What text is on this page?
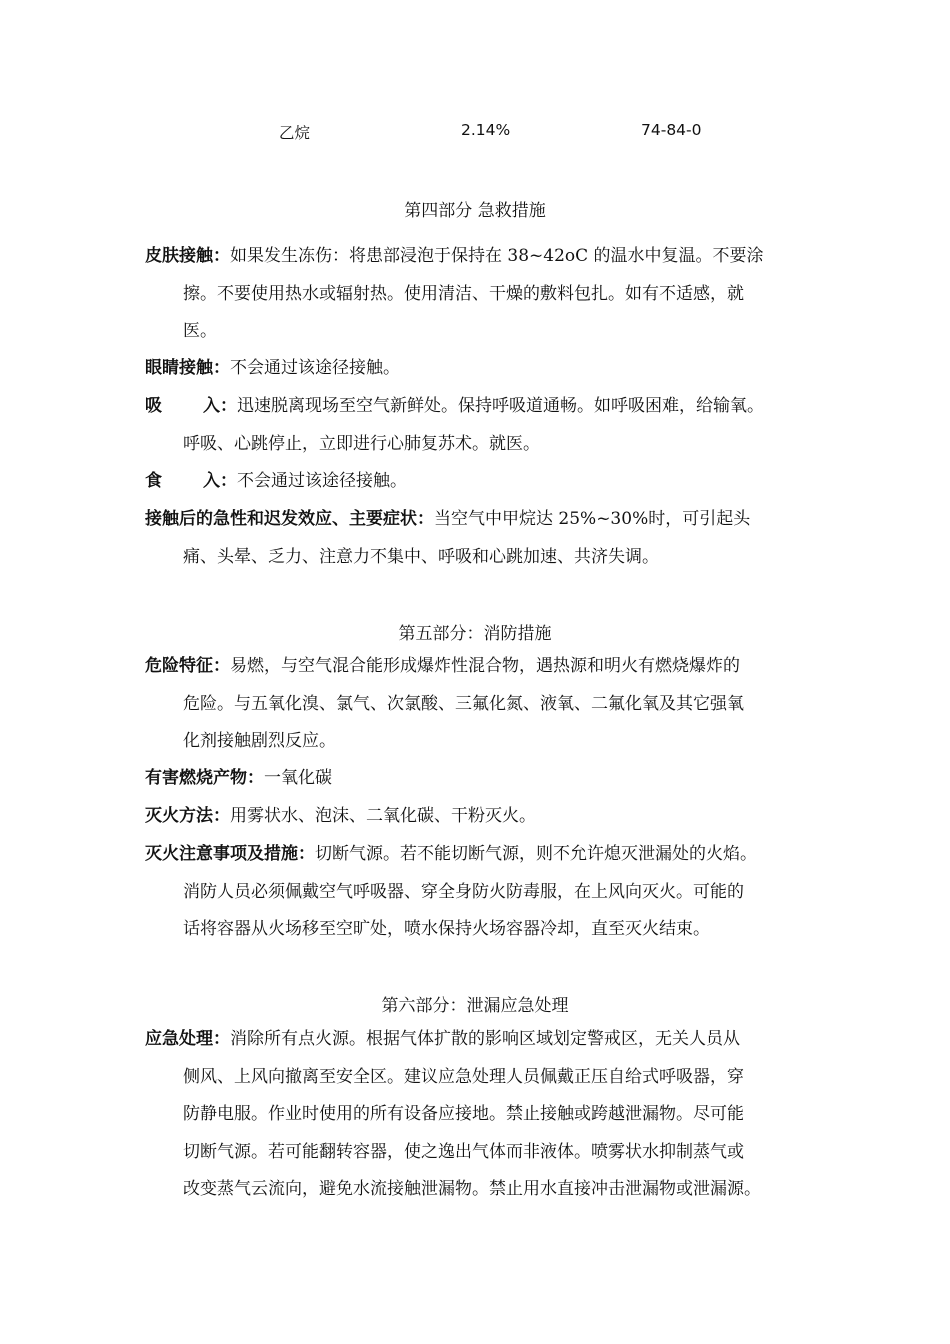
乙烷	2.14%	74-84-0
第四部分 急救措施
皮肤接触：如果发生冻伤：将患部浸泡于保持在 38~42oC 的温水中复温。不要涂
擦。不要使用热水或辐射热。使用清洁、干燥的敷料包扎。如有不适感，就
医。
眼睛接触：不会通过该途径接触。
吸 入：迅速脱离现场至空气新鲜处。保持呼吸道通畅。如呼吸困难，给输氧。
呼吸、心跳停止，立即进行心肺复苏术。就医。
食 入：不会通过该途径接触。
接触后的急性和迟发效应、主要症状：当空气中甲烷达 25%~30%时，可引起头
痛、头晕、乏力、注意力不集中、呼吸和心跳加速、共济失调。
第五部分：消防措施
危险特征：易燃，与空气混合能形成爆炸性混合物，遇热源和明火有燃烧爆炸的
危险。与五氧化溴、氯气、次氯酸、三氟化氮、液氧、二氟化氧及其它强氧
化剂接触剧烈反应。
有害燃烧产物：一氧化碳
灭火方法：用雾状水、泡沫、二氧化碳、干粉灭火。
灭火注意事项及措施：切断气源。若不能切断气源，则不允许熄灭泄漏处的火焰。
消防人员必须佩戴空气呼吸器、穿全身防火防毒服，在上风向灭火。可能的
话将容器从火场移至空旷处，喷水保持火场容器冷却，直至灭火结束。
第六部分：泄漏应急处理
应急处理：消除所有点火源。根据气体扩散的影响区域划定警戒区，无关人员从
侧风、上风向撤离至安全区。建议应急处理人员佩戴正压自给式呼吸器，穿
防静电服。作业时使用的所有设备应接地。禁止接触或跨越泄漏物。尽可能
切断气源。若可能翻转容器，使之逸出气体而非液体。喷雾状水抑制蒸气或
改变蒸气云流向，避免水流接触泄漏物。禁止用水直接冲击泄漏物或泄漏源。
